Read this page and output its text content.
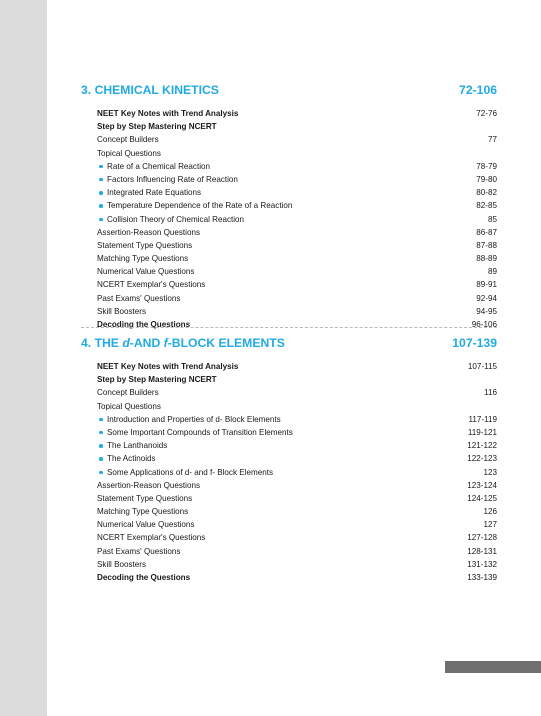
3. CHEMICAL KINETICS	72-106
NEET Key Notes with Trend Analysis	72-76
Step by Step Mastering NCERT
Concept Builders	77
Topical Questions
Rate of a Chemical Reaction	78-79
Factors Influencing Rate of Reaction	79-80
Integrated Rate Equations	80-82
Temperature Dependence of the Rate of a Reaction	82-85
Collision Theory of Chemical Reaction	85
Assertion-Reason Questions	86-87
Statement Type Questions	87-88
Matching Type Questions	88-89
Numerical Value Questions	89
NCERT Exemplar's Questions	89-91
Past Exams' Questions	92-94
Skill Boosters	94-95
Decoding the Questions	96-106
4. THE d-AND f-BLOCK ELEMENTS	107-139
NEET Key Notes with Trend Analysis	107-115
Step by Step Mastering NCERT
Concept Builders	116
Topical Questions
Introduction and Properties of d- Block Elements	117-119
Some Important Compounds of Transition Elements	119-121
The Lanthanoids	121-122
The Actinoids	122-123
Some Applications of d- and f- Block Elements	123
Assertion-Reason Questions	123-124
Statement Type Questions	124-125
Matching Type Questions	126
Numerical Value Questions	127
NCERT Exemplar's Questions	127-128
Past Exams' Questions	128-131
Skill Boosters	131-132
Decoding the Questions	133-139
